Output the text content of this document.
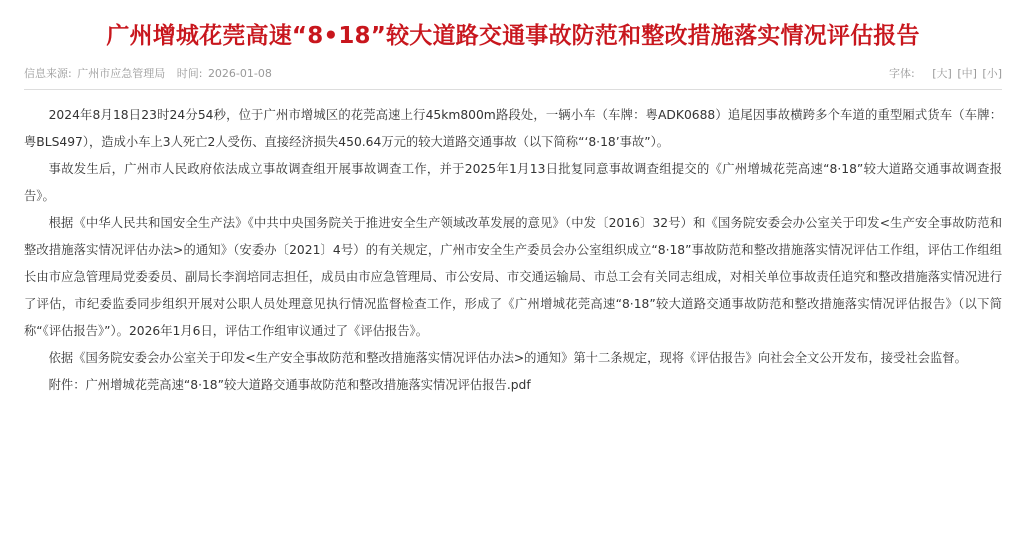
广州增城花莞高速“8•18”较大道路交通事故防范和整改措施落实情况评估报告
信息来源: 广州市应急管理局 时间: 2026-01-08	字体: [大] [中] [小]

2024年8月18日23时24分54秒，位于广州市增城区的花莞高速上行45km800m路段处，一辆小车（车牌：粤ADK0688）追尾因事故横跨多个车道的重型厢式货车（车牌：粤BLS497），造成小车上3人死亡2人受伤、直接经济损失450.64万元的较大道路交通事故（以下简称“‘8·18’事故”）。

事故发生后，广州市人民政府依法成立事故调查组开展事故调查工作，并于2025年1月13日批复同意事故调查组提交的《广州增城花莞高速“8·18”较大道路交通事故调查报告》。

根据《中华人民共和国安全生产法》《中共中央国务院关于推进安全生产领域改革发展的意见》（中发〔2016〕32号）和《国务院安委会办公室关于印发<生产安全事故防范和整改措施落实情况评估办法>的通知》（安委办〔2021〕4号）的有关规定，广州市安全生产委员会办公室组织成立“8·18”事故防范和整改措施落实情况评估工作组，评估工作组组长由市应急管理局党委委员、副局长李润培同志担任，成员由市应急管理局、市公安局、市交通运输局、市总工会有关同志组成，对相关单位事故责任追究和整改措施落实情况进行了评估，市纪委监委同步组织开展对公职人员处理意见执行情况监督检查工作，形成了《广州增城花莞高速“8·18”较大道路交通事故防范和整改措施落实情况评估报告》（以下简称“《评估报告》”）。2026年1月6日，评估工作组审议通过了《评估报告》。

依据《国务院安委会办公室关于印发<生产安全事故防范和整改措施落实情况评估办法>的通知》第十二条规定，现将《评估报告》向社会全文公开发布，接受社会监督。

附件：广州增城花莞高速“8·18”较大道路交通事故防范和整改措施落实情况评估报告.pdf
